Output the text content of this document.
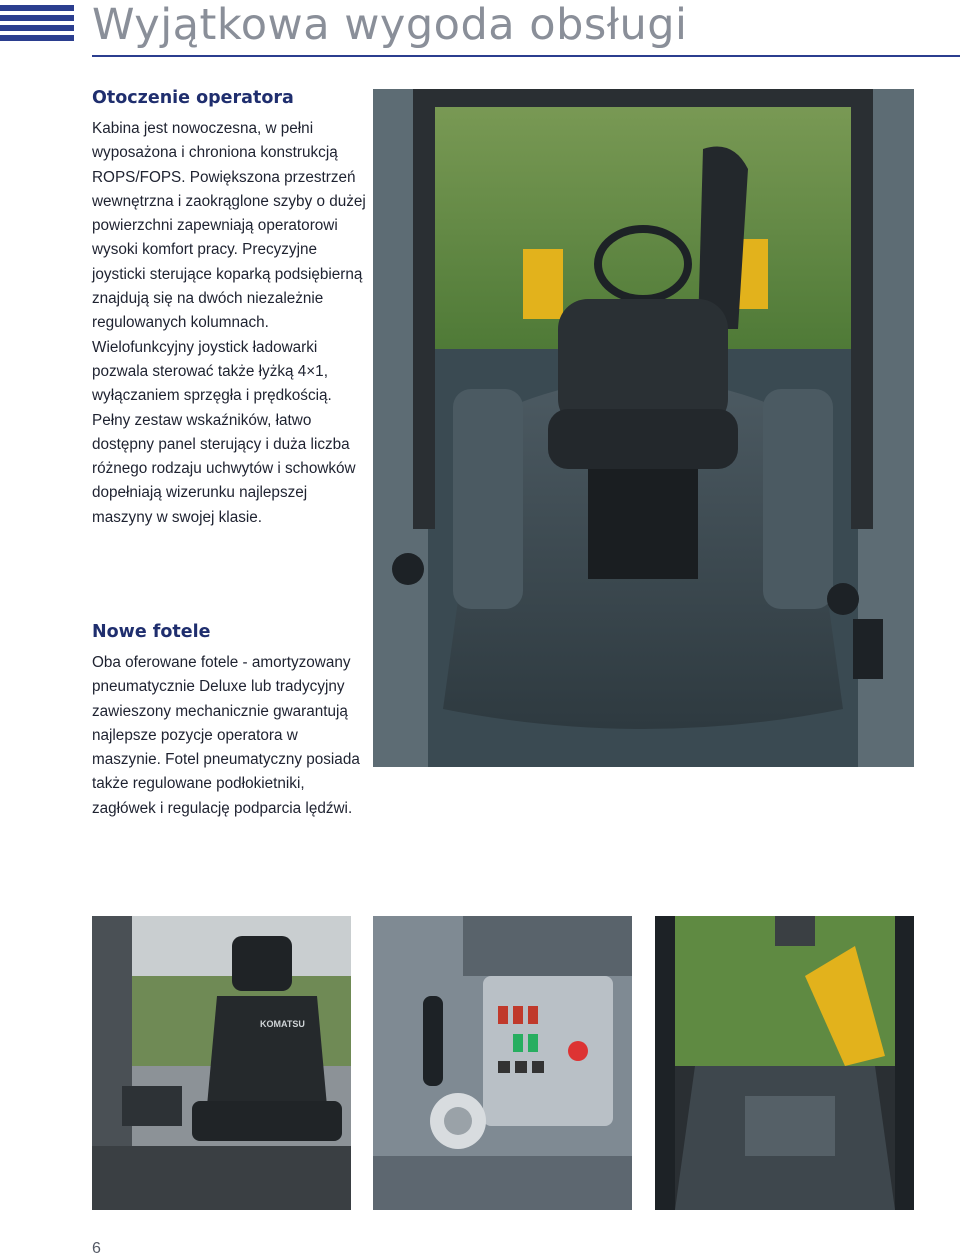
Wyjątkowa wygoda obsługi
Otoczenie operatora

Kabina jest nowoczesna, w pełni wyposażona i chroniona konstrukcją ROPS/FOPS. Powiększona przestrzeń wewnętrzna i zaokrąglone szyby o dużej powierzchni zapewniają operatorowi wysoki komfort pracy. Precyzyjne joysticki sterujące koparką podsiębierną znajdują się na dwóch niezależnie regulowanych kolumnach. Wielofunkcyjny joystick ładowarki pozwala sterować także łyżką 4×1, wyłączaniem sprzęgła i prędkością. Pełny zestaw wskaźników, łatwo dostępny panel sterujący i duża liczba różnego rodzaju uchwytów i schowków dopełniają wizerunku najlepszej maszyny w swojej klasie.

Nowe fotele

Oba oferowane fotele - amortyzowany pneumatycznie Deluxe lub tradycyjny zawieszony mechanicznie gwarantują najlepsze pozycje operatora w maszynie. Fotel pneumatyczny posiada także regulowane podłokietniki, zagłówek i regulację podparcia lędźwi.

KOMATSU
6
